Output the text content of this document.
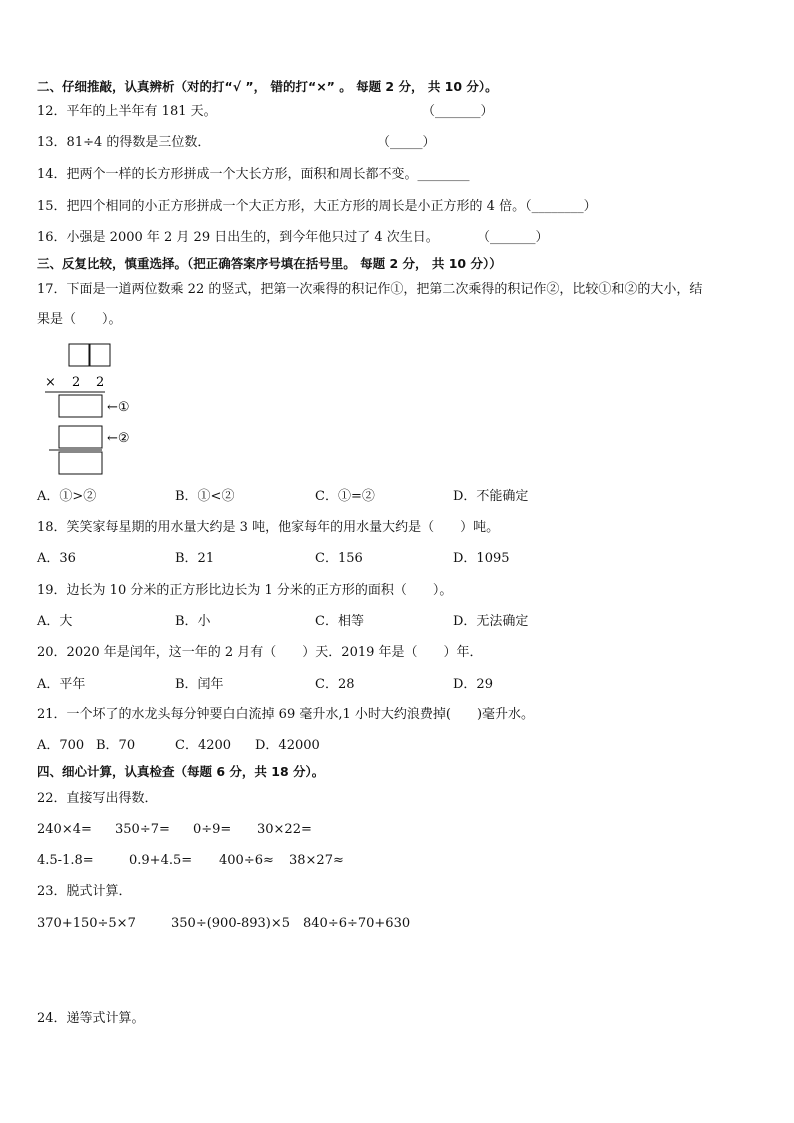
二、仔细推敲，认真辨析（对的打“√ ”， 错的打“×” 。 每题 2 分， 共 10 分）。
12．平年的上半年有 181 天。	（_______）
13．81÷4 的得数是三位数．	（_____）
14．把两个一样的长方形拼成一个大长方形，面积和周长都不变。________
15．把四个相同的小正方形拼成一个大正方形，大正方形的周长是小正方形的 4 倍。（________）
16．小强是 2000 年 2 月 29 日出生的，到今年他只过了 4 次生日。	（_______）
三、反复比较，慎重选择。（把正确答案序号填在括号里。 每题 2 分， 共 10 分））
17．下面是一道两位数乘 22 的竖式，把第一次乘得的积记作①，把第二次乘得的积记作②，比较①和②的大小，结
果是（　　）。
× 2 2
←①
←②
A．①>②	B．①<②	C．①=②	D．不能确定
18．笑笑家每星期的用水量大约是 3 吨，他家每年的用水量大约是（　　）吨。
A．36	B．21	C．156	D．1095
19．边长为 10 分米的正方形比边长为 1 分米的正方形的面积（　　）。
A．大	B．小	C．相等	D．无法确定
20．2020 年是闰年，这一年的 2 月有（　　）天．2019 年是（　　）年．
A．平年	B．闰年	C．28	D．29
21．一个坏了的水龙头每分钟要白白流掉 69 毫升水,1 小时大约浪费掉(　　)毫升水。
A．700 B．70	C．4200 D．42000
四、细心计算，认真检查（每题 6 分，共 18 分）。
22．直接写出得数．
240×4= 350÷7= 0÷9= 30×22=
4.5-1.8=	0.9+4.5= 400÷6≈ 38×27≈
23．脱式计算．
370+150÷5×7	350÷(900-893)×5 840÷6÷70+630
24．递等式计算。
